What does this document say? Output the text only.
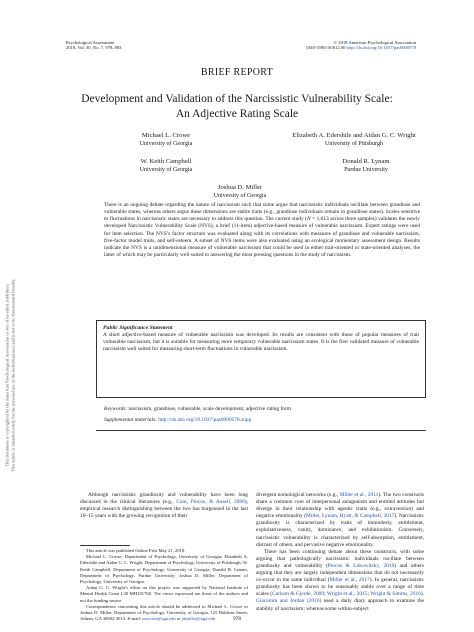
Psychological Assessment
2018, Vol. 30, No. 7, 978–983
© 2018 American Psychological Association
1040-3590/18/$12.00 http://dx.doi.org/10.1037/pas0000578
This document is copyrighted by the American Psychological Association or one of its allied publishers. This article is intended solely for the personal use of the individual user and is not to be disseminated broadly.
BRIEF REPORT
Development and Validation of the Narcissistic Vulnerability Scale:
An Adjective Rating Scale
Michael L. Crowe
University of Georgia
Elizabeth A. Edershile and Aidan G. C. Wright
University of Pittsburgh
W. Keith Campbell
University of Georgia
Donald R. Lynam
Purdue University
Joshua D. Miller
University of Georgia
There is an ongoing debate regarding the nature of narcissism such that some argue that narcissistic individuals oscillate between grandiose and vulnerable states, whereas others argue these dimensions are stable traits (e.g., grandiose individuals remain in grandiose states). Scales sensitive to fluctuations in narcissistic states are necessary to address this question. The current study (N = 1,613 across three samples) validates the newly developed Narcissistic Vulnerability Scale (NVS), a brief (11-item) adjective-based measure of vulnerable narcissism. Expert ratings were used for item selection. The NVS’s factor structure was evaluated along with its correlations with measures of grandiose and vulnerable narcissism, five-factor model traits, and self-esteem. A subset of NVS items were also evaluated using an ecological momentary assessment design. Results indicate the NVS is a unidimensional measure of vulnerable narcissism that could be used in either trait-oriented or state-oriented analyses, the latter of which may be particularly well suited to answering the most pressing questions in the study of narcissism.
Public Significance Statement
A short adjective-based measure of vulnerable narcissism was developed. Its results are consistent with those of popular measures of trait vulnerable narcissism, but it is suitable for measuring more temporary vulnerable narcissism states. It is the first validated measure of vulnerable narcissism well suited for measuring short-term fluctuations in vulnerable narcissism.
Keywords: narcissism, grandiose, vulnerable, scale development, adjective rating form
Supplemental materials: http://dx.doi.org/10.1037/pas0000578.supp

Although narcissistic grandiosity and vulnerability have been long discussed in the clinical literatures (e.g., Cain, Pincus, & Ansell, 2008), empirical research distinguishing between the two has burgeoned in the last 10–15 years with the growing recognition of their

This article was published Online First May 21, 2018.

Michael L. Crowe, Department of Psychology, University of Georgia; Elizabeth A. Edershile and Aidan G. C. Wright, Department of Psychology, University of Pittsburgh; W. Keith Campbell, Department of Psychology, University of Georgia; Donald R. Lynam, Department of Psychology, Purdue University; Joshua D. Miller, Department of Psychology, University of Georgia.

Aidan G. C. Wright’s effort on this project was supported by National Institute of Mental Health Grant L30 MH101760. The views expressed are those of the authors and not the funding source.

Correspondence concerning this article should be addressed to Michael L. Crowe or Joshua D. Miller, Department of Psychology, University of Georgia, 125 Baldwin Street, Athens, GA 30602-3013. E-mail: mcrowe@uga.edu or jdmiller@uga.edu

divergent nomological networks (e.g., Miller et al., 2011). The two constructs share a common core of interpersonal antagonism and entitled attitudes but diverge in their relationship with agentic traits (e.g., extraversion) and negative emotionality (Miller, Lynam, Hyatt, & Campbell, 2017). Narcissistic grandiosity is characterized by traits of immodesty, entitlement, exploitativeness, vanity, dominance, and exhibitionism. Conversely, narcissistic vulnerability is characterized by self-absorption, entitlement, distrust of others, and pervasive negative emotionality.

There has been continuing debate about these constructs, with some arguing that pathologically narcissistic individuals oscillate between grandiosity and vulnerability (Pincus & Lukowitsky, 2010) and others arguing that they are largely independent dimensions that do not necessarily co-occur in the same individual (Miller et al., 2017). In general, narcissistic grandiosity has been shown to be reasonably stable over a range of time scales (Carlson & Gjerde, 2009; Wright et al., 2015; Wright & Simms, 2016). Giacomin and Jordan (2016) used a daily diary approach to examine the stability of narcissism; whereas some within-subject

978
